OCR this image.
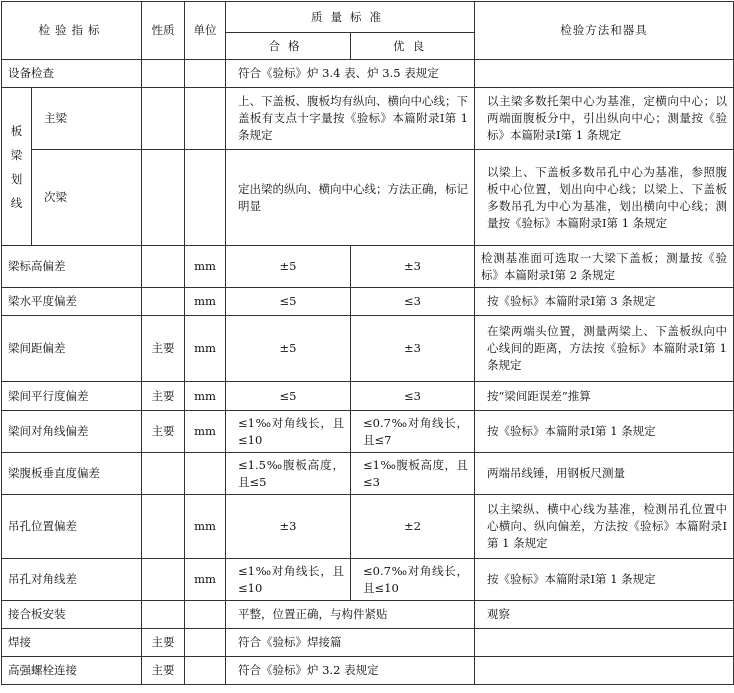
检验指标		性质	单位	质量标准		检验方法和器具
				合格	优良	
设备检查				符合《验标》炉 3.4 表、炉 3.5 表规定		

板
梁
划
线	主梁			上、下盖板、腹板均有纵向、横向中心线；下盖板有支点十字量按《验标》本篇附录Ⅰ第 1 条规定		以主梁多数托架中心为基准，定横向中心；以两端面腹板分中，引出纵向中心；测量按《验标》本篇附录Ⅰ第 1 条规定
	次梁			定出梁的纵向、横向中心线；方法正确，标记明显		以梁上、下盖板多数吊孔中心为基准，参照腹板中心位置，划出向中心线；以梁上、下盖板多数吊孔为中心为基准，划出横向中心线；测量按《验标》本篇附录Ⅰ第 1 条规定
梁标高偏差			mm	±5	±3	检测基准面可选取一大梁下盖板；测量按《验标》本篇附录Ⅰ第 2 条规定
梁水平度偏差			mm	≤5	≤3	按《验标》本篇附录Ⅰ第 3 条规定
梁间距偏差		主要	mm	±5	±3	在梁两端头位置，测量两梁上、下盖板纵向中心线间的距离，方法按《验标》本篇附录Ⅰ第 1 条规定
梁间平行度偏差		主要	mm	≤5	≤3	按“梁间距误差”推算
梁间对角线偏差		主要	mm	≤1‰对角线长，且≤10	≤0.7‰对角线长，且≤7	按《验标》本篇附录Ⅰ第 1 条规定
梁腹板垂直度偏差				≤1.5‰腹板高度，且≤5	≤1‰腹板高度，且≤3	两端吊线锤，用钢板尺测量
吊孔位置偏差			mm	±3	±2	以主梁纵、横中心线为基准，检测吊孔位置中心横向、纵向偏差，方法按《验标》本篇附录Ⅰ第 1 条规定
吊孔对角线差			mm	≤1‰对角线长，且≤10	≤0.7‰对角线长，且≤10	按《验标》本篇附录Ⅰ第 1 条规定
接合板安装				平整，位置正确，与构件紧贴		观察
焊接		主要		符合《验标》焊接篇		
高强螺栓连接		主要		符合《验标》炉 3.2 表规定		
